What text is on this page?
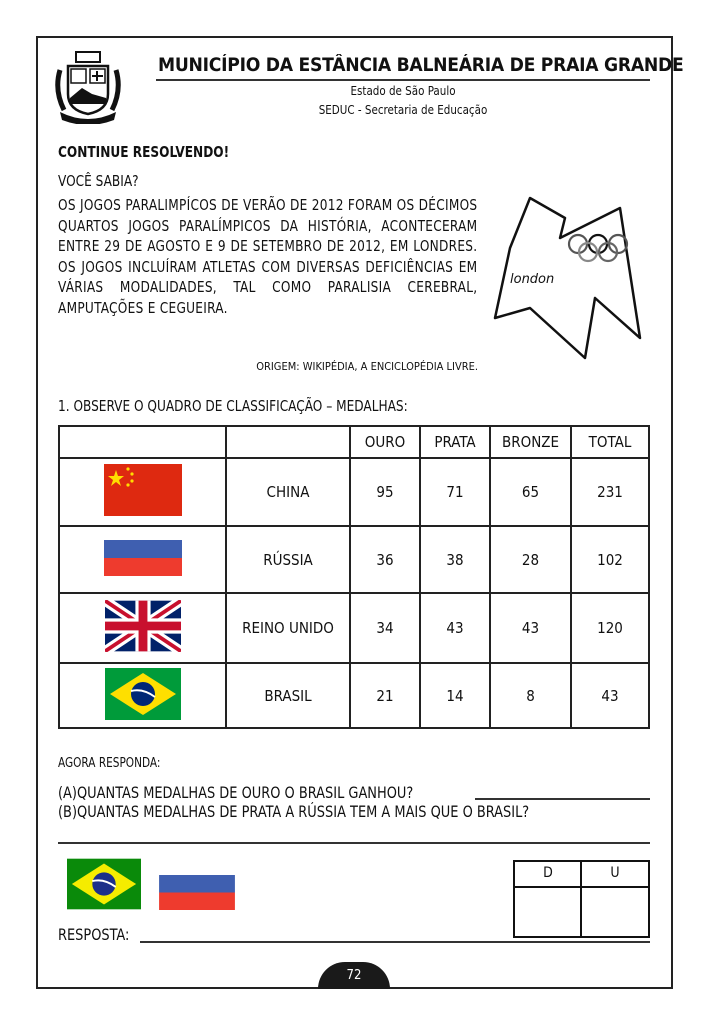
MUNICÍPIO DA ESTÂNCIA BALNEÁRIA DE PRAIA GRANDE
Estado de São Paulo
SEDUC - Secretaria de Educação
CONTINUE RESOLVENDO!
VOCÊ SABIA?
OS JOGOS PARALIMPÍCOS DE VERÃO DE 2012 FORAM OS DÉCIMOS QUARTOS JOGOS PARALÍMPICOS DA HISTÓRIA, ACONTECERAM ENTRE 29 DE AGOSTO E 9 DE SETEMBRO DE 2012, EM LONDRES. OS JOGOS INCLUÍRAM ATLETAS COM DIVERSAS DEFICIÊNCIAS EM VÁRIAS MODALIDADES, TAL COMO PARALISIA CEREBRAL, AMPUTAÇÕES E CEGUEIRA.
ORIGEM: WIKIPÉDIA, A ENCICLOPÉDIA LIVRE.
london
1. OBSERVE O QUADRO DE CLASSIFICAÇÃO – MEDALHAS:
		OURO	PRATA	BRONZE	TOTAL
	CHINA	95	71	65	231
	RÚSSIA	36	38	28	102
	REINO UNIDO	34	43	43	120
	BRASIL	21	14	8	43
AGORA RESPONDA:
(A)QUANTAS MEDALHAS DE OURO O BRASIL GANHOU?
(B)QUANTAS MEDALHAS DE PRATA A RÚSSIA TEM A MAIS QUE O BRASIL?
D	U
RESPOSTA:
72
